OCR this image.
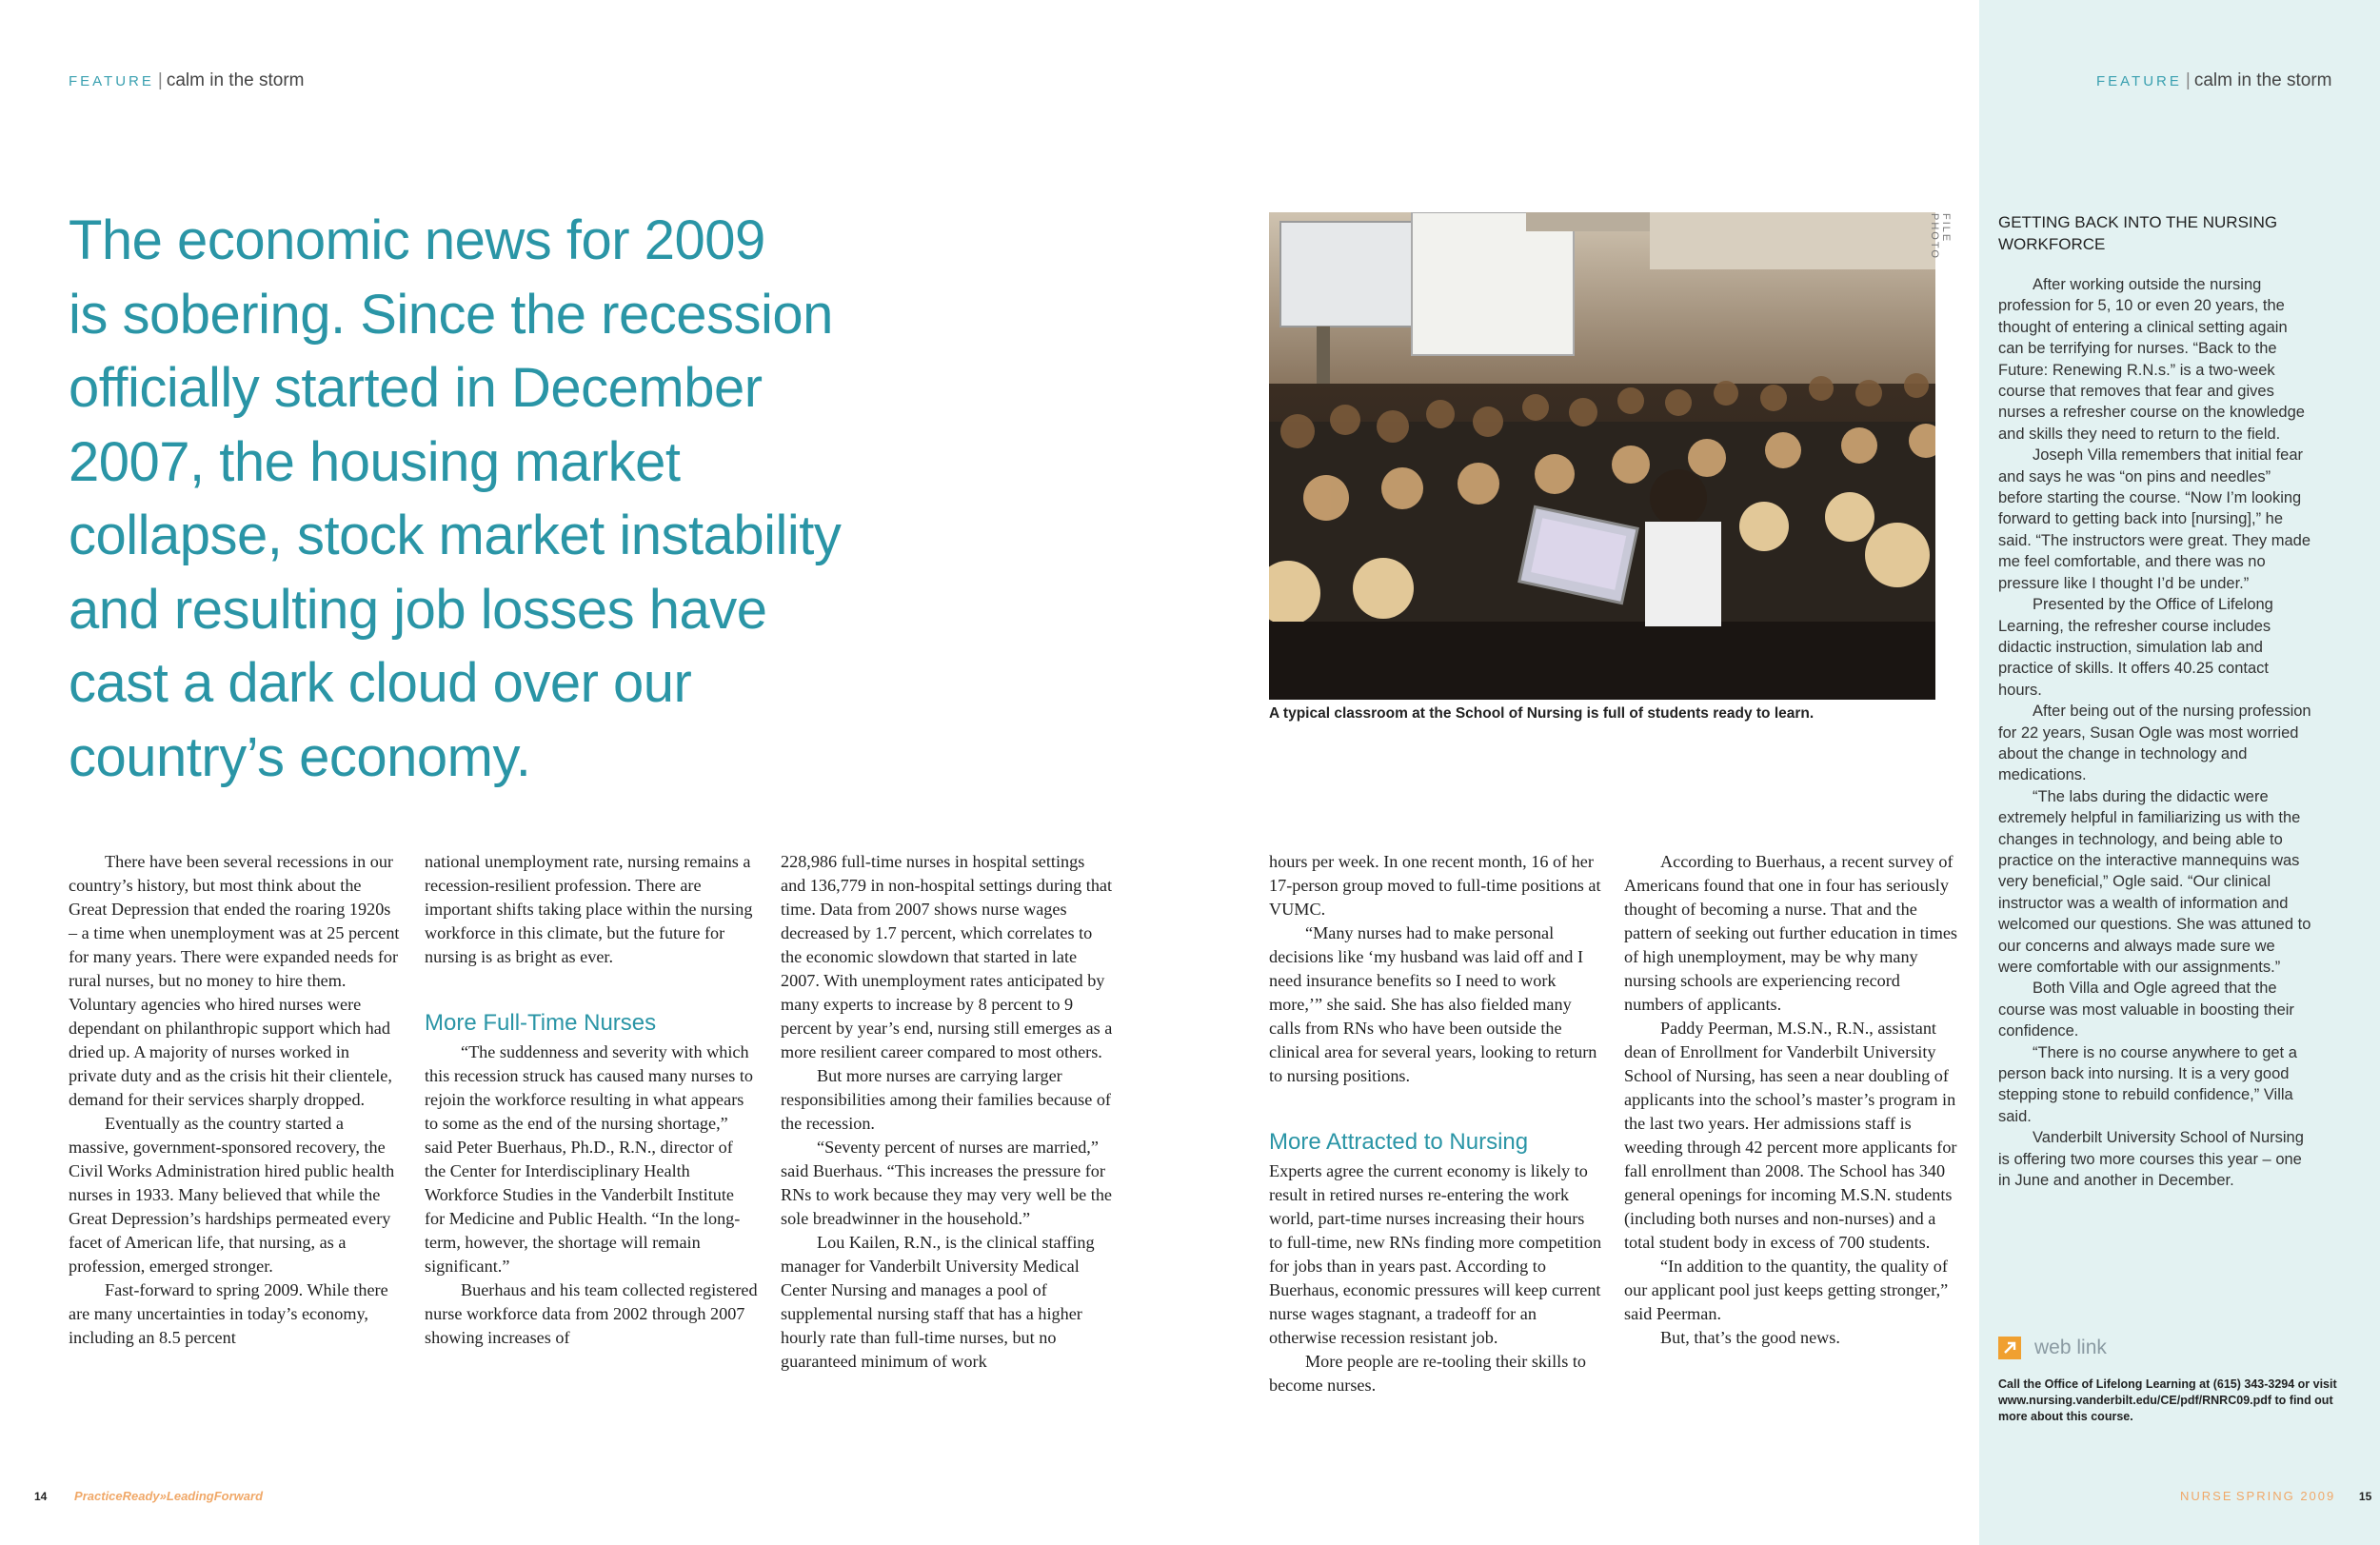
FEATURE | calm in the storm	FEATURE | calm in the storm
The economic news for 2009
is sobering. Since the recession
officially started in December
2007, the housing market
collapse, stock market instability
and resulting job losses have
cast a dark cloud over our
country’s economy.

There have been several recessions in our country’s history, but most think about the Great Depression that ended the roaring 1920s – a time when unemployment was at 25 percent for many years. There were expanded needs for rural nurses, but no money to hire them. Voluntary agencies who hired nurses were dependant on philanthropic support which had dried up. A majority of nurses worked in private duty and as the crisis hit their clientele, demand for their services sharply dropped.

Eventually as the country started a massive, government-sponsored recovery, the Civil Works Administration hired public health nurses in 1933. Many believed that while the Great Depression’s hardships permeated every facet of American life, that nursing, as a profession, emerged stronger.

Fast-forward to spring 2009. While there are many uncertainties in today’s economy, including an 8.5 percent

national unemployment rate, nursing remains a recession-resilient profession. There are important shifts taking place within the nursing workforce in this climate, but the future for nursing is as bright as ever.

More Full-Time Nurses

“The suddenness and severity with which this recession struck has caused many nurses to rejoin the workforce resulting in what appears to some as the end of the nursing shortage,” said Peter Buerhaus, Ph.D., R.N., director of the Center for Interdisciplinary Health Workforce Studies in the Vanderbilt Institute for Medicine and Public Health. “In the long-term, however, the shortage will remain significant.”

Buerhaus and his team collected registered nurse workforce data from 2002 through 2007 showing increases of

228,986 full-time nurses in hospital settings and 136,779 in non-hospital settings during that time. Data from 2007 shows nurse wages decreased by 1.7 percent, which correlates to the economic slowdown that started in late 2007. With unemployment rates anticipated by many experts to increase by 8 percent to 9 percent by year’s end, nursing still emerges as a more resilient career compared to most others.

But more nurses are carrying larger responsibilities among their families because of the recession.

“Seventy percent of nurses are married,” said Buerhaus. “This increases the pressure for RNs to work because they may very well be the sole breadwinner in the household.”

Lou Kailen, R.N., is the clinical staffing manager for Vanderbilt University Medical Center Nursing and manages a pool of supplemental nursing staff that has a higher hourly rate than full-time nurses, but no guaranteed minimum of work

hours per week. In one recent month, 16 of her 17-person group moved to full-time positions at VUMC.

“Many nurses had to make personal decisions like ‘my husband was laid off and I need insurance benefits so I need to work more,’” she said. She has also fielded many calls from RNs who have been outside the clinical area for several years, looking to return to nursing positions.

More Attracted to Nursing

Experts agree the current economy is likely to result in retired nurses re-entering the work world, part-time nurses increasing their hours to full-time, new RNs finding more competition for jobs than in years past. According to Buerhaus, economic pressures will keep current nurse wages stagnant, a tradeoff for an otherwise recession resistant job.

More people are re-tooling their skills to become nurses.

According to Buerhaus, a recent survey of Americans found that one in four has seriously thought of becoming a nurse. That and the pattern of seeking out further education in times of high unemployment, may be why many nursing schools are experiencing record numbers of applicants.

Paddy Peerman, M.S.N., R.N., assistant dean of Enrollment for Vanderbilt University School of Nursing, has seen a near doubling of applicants into the school’s master’s program in the last two years. Her admissions staff is weeding through 42 percent more applicants for fall enrollment than 2008. The School has 340 general openings for incoming M.S.N. students (including both nurses and non-nurses) and a total student body in excess of 700 students.

“In addition to the quantity, the quality of our applicant pool just keeps getting stronger,” said Peerman.

But, that’s the good news.

FILE PHOTO
A typical classroom at the School of Nursing is full of students ready to learn.
GETTING BACK INTO THE NURSING WORKFORCE

After working outside the nursing profession for 5, 10 or even 20 years, the thought of entering a clinical setting again can be terrifying for nurses. “Back to the Future: Renewing R.N.s.” is a two-week course that removes that fear and gives nurses a refresher course on the knowledge and skills they need to return to the field.

Joseph Villa remembers that initial fear and says he was “on pins and needles” before starting the course. “Now I’m looking forward to getting back into [nursing],” he said. “The instructors were great. They made me feel comfortable, and there was no pressure like I thought I’d be under.”

Presented by the Office of Lifelong Learning, the refresher course includes didactic instruction, simulation lab and practice of skills. It offers 40.25 contact hours.

After being out of the nursing profession for 22 years, Susan Ogle was most worried about the change in technology and medications.

“The labs during the didactic were extremely helpful in familiarizing us with the changes in technology, and being able to practice on the interactive mannequins was very beneficial,” Ogle said. “Our clinical instructor was a wealth of information and welcomed our questions. She was attuned to our concerns and always made sure we were comfortable with our assignments.”

Both Villa and Ogle agreed that the course was most valuable in boosting their confidence.

“There is no course anywhere to get a person back into nursing. It is a very good stepping stone to rebuild confidence,” Villa said.

Vanderbilt University School of Nursing is offering two more courses this year – one in June and another in December.

web link
Call the Office of Lifelong Learning at (615) 343-3294 or visit www.nursing.vanderbilt.edu/CE/pdf/RNRC09.pdf to find out more about this course.
14 PracticeReady»LeadingForward	NURSE SPRING 2009 15
